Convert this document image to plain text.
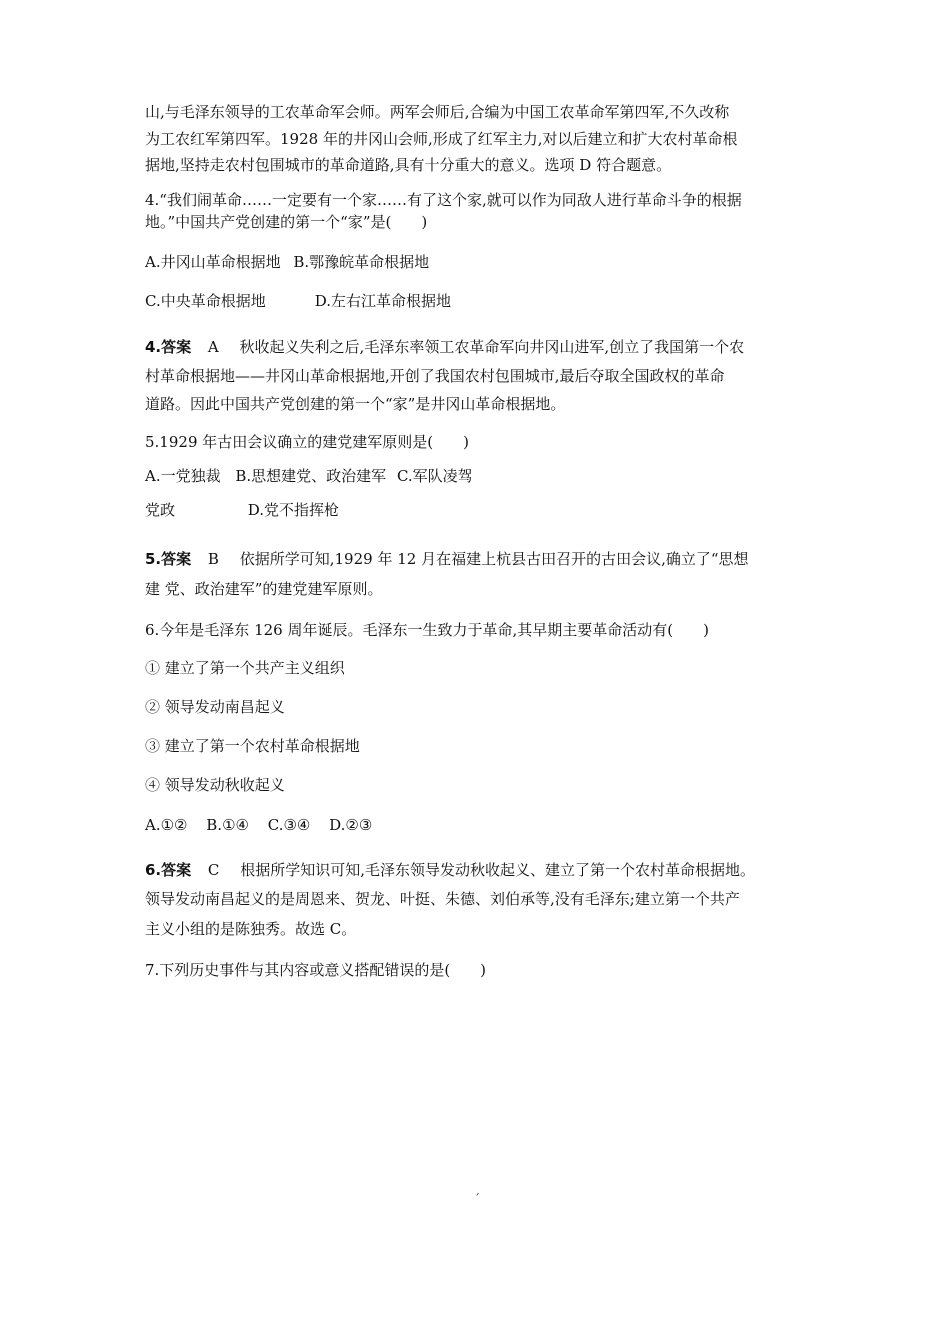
山,与毛泽东领导的工农革命军会师。两军会师后,合编为中国工农革命军第四军,不久改称
为工农红军第四军。1928 年的井冈山会师,形成了红军主力,对以后建立和扩大农村革命根
据地,坚持走农村包围城市的革命道路,具有十分重大的意义。选项 D 符合题意。
4.“我们闹革命……一定要有一个家……有了这个家,就可以作为同敌人进行革命斗争的根据
地。”中国共产党创建的第一个“家”是(　　)
A.井冈山革命根据地 B.鄂豫皖革命根据地
C.中央革命根据地	D.左右江革命根据地
4.答案 A 秋收起义失利之后,毛泽东率领工农革命军向井冈山进军,创立了我国第一个农
村革命根据地——井冈山革命根据地,开创了我国农村包围城市,最后夺取全国政权的革命
道路。因此中国共产党创建的第一个“家”是井冈山革命根据地。
5.1929 年古田会议确立的建党建军原则是(　　)
A.一党独裁 B.思想建党、政治建军 C.军队凌驾
党政	D.党不指挥枪
5.答案 B 依据所学可知,1929 年 12 月在福建上杭县古田召开的古田会议,确立了“思想
建 党、政治建军”的建党建军原则。
6.今年是毛泽东 126 周年诞辰。毛泽东一生致力于革命,其早期主要革命活动有(　　)
① 建立了第一个共产主义组织
② 领导发动南昌起义
③ 建立了第一个农村革命根据地
④ 领导发动秋收起义
A.①② B.①④ C.③④ D.②③
6.答案 C 根据所学知识可知,毛泽东领导发动秋收起义、建立了第一个农村革命根据地。
领导发动南昌起义的是周恩来、贺龙、叶挺、朱德、刘伯承等,没有毛泽东;建立第一个共产
主义小组的是陈独秀。故选 C。
7.下列历史事件与其内容或意义搭配错误的是(　　)
ˊ
